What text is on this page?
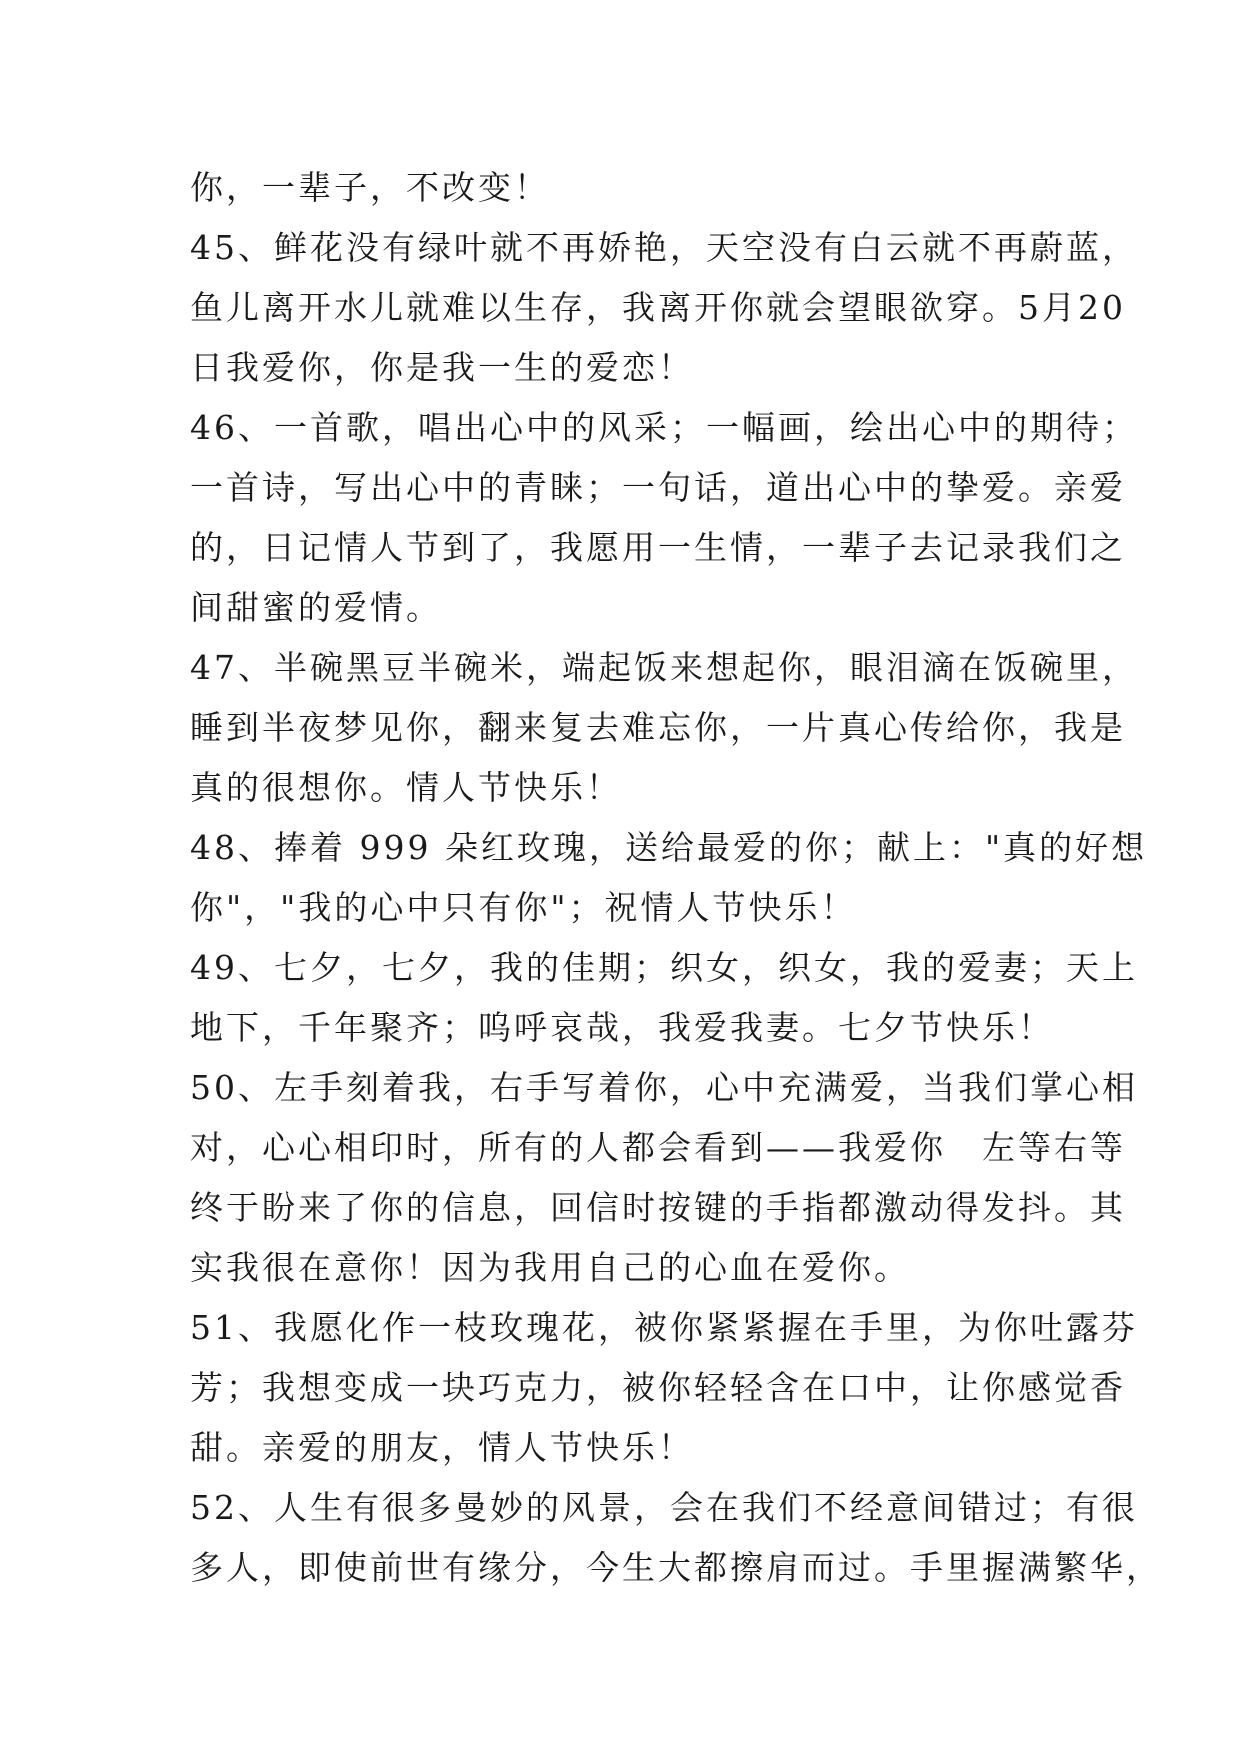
你，一辈子，不改变！
45、鲜花没有绿叶就不再娇艳，天空没有白云就不再蔚蓝，
鱼儿离开水儿就难以生存，我离开你就会望眼欲穿。5月20
日我爱你，你是我一生的爱恋！
46、一首歌，唱出心中的风采；一幅画，绘出心中的期待；
一首诗，写出心中的青睐；一句话，道出心中的挚爱。亲爱
的，日记情人节到了，我愿用一生情，一辈子去记录我们之
间甜蜜的爱情。
47、半碗黑豆半碗米，端起饭来想起你，眼泪滴在饭碗里，
睡到半夜梦见你，翻来复去难忘你，一片真心传给你，我是
真的很想你。情人节快乐！
48、捧着 999 朵红玫瑰，送给最爱的你；献上："真的好想
你"，"我的心中只有你"；祝情人节快乐！
49、七夕，七夕，我的佳期；织女，织女，我的爱妻；天上
地下，千年聚齐；呜呼哀哉，我爱我妻。七夕节快乐！
50、左手刻着我，右手写着你，心中充满爱，当我们掌心相
对，心心相印时，所有的人都会看到——我爱你　左等右等
终于盼来了你的信息，回信时按键的手指都激动得发抖。其
实我很在意你！因为我用自己的心血在爱你。
51、我愿化作一枝玫瑰花，被你紧紧握在手里，为你吐露芬
芳；我想变成一块巧克力，被你轻轻含在口中，让你感觉香
甜。亲爱的朋友，情人节快乐！
52、人生有很多曼妙的风景，会在我们不经意间错过；有很
多人，即使前世有缘分，今生大都擦肩而过。手里握满繁华，
